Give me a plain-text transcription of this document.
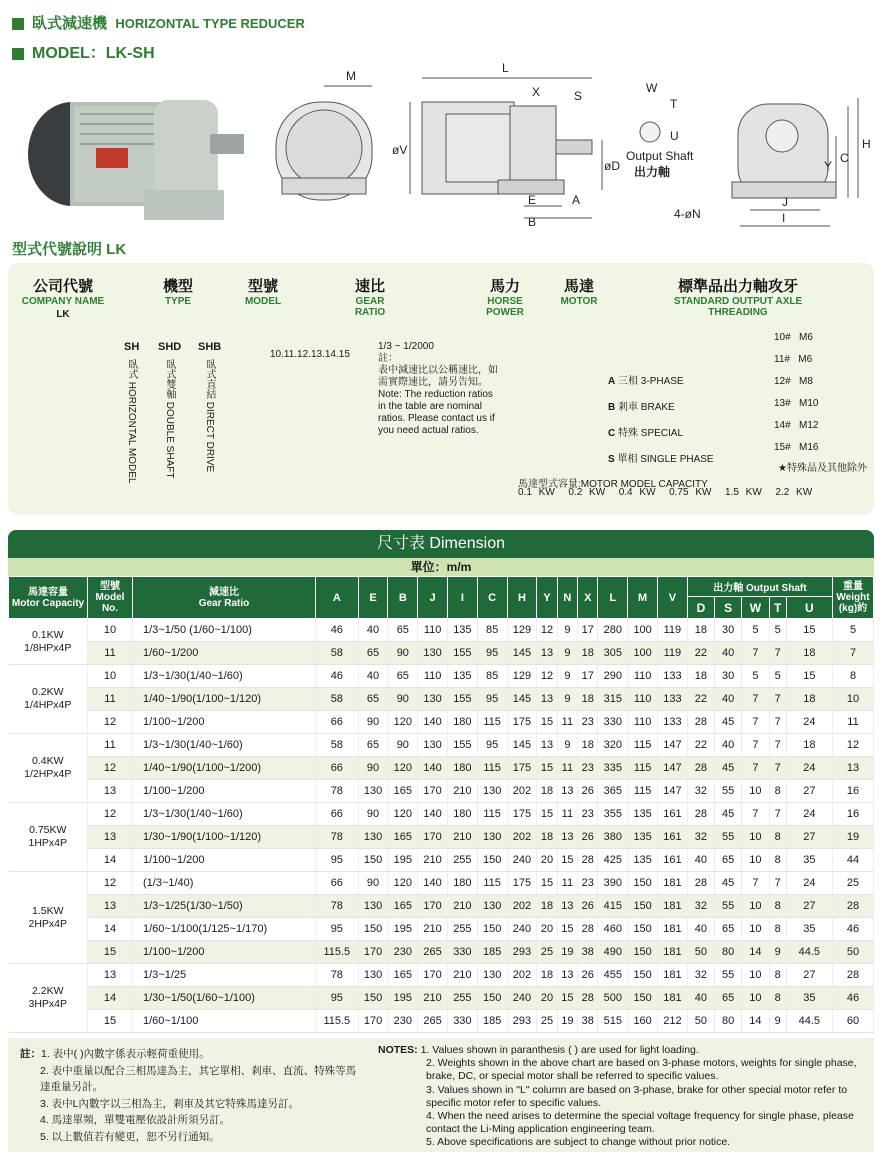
臥式減速機 HORIZONTAL TYPE REDUCER
MODEL：LK-SH
M
L
X	S
W
T
U
øV
øD
E	A
B
J
I
Y
C
H
4-øN
Output Shaft
出力軸
型式代號說明 LK
公司代號
COMPANY NAME
LK
機型
TYPE
SH SHD SHB
臥式 HORIZONTAL MODEL
臥式雙軸 DOUBLE SHAFT
臥式直結 DIRECT DRIVE
型號
MODEL
10.11.12.13.14.15
速比
GEAR RATIO
1/3 ~ 1/2000
註：
表中減速比以公稱速比，如需實際速比，請另告知。
Note: The reduction ratios in the table are nominal ratios. Please contact us if you need actual ratios.
馬力
HORSE POWER
馬達型式容量:MOTOR MODEL CAPACITY
0.1 KW 0.2 KW 0.4 KW 0.75 KW 1.5 KW 2.2 KW
馬達
MOTOR
A 三相 3-PHASE
B 剎車 BRAKE
C 特殊 SPECIAL
S 單相 SINGLE PHASE
標準品出力軸攻牙
STANDARD OUTPUT AXLE THREADING
10# M6
11# M6
12# M8
13# M10
14# M12
15# M16
★特殊品及其他除外
尺寸表 Dimension
單位：m/m
馬達容量
Motor Capacity	型號
Model No.	減速比
Gear Ratio	A	E	B	J	I	C	H	Y	N	X	L	M	V	出力軸 Output Shaft					重量 Weight (kg)約
																D	S	W	T	U	
0.1KW
1/8HPx4P	10	1/3~1/50 (1/60~1/100)	46	40	65	110	135	85	129	12	9	17	280	100	119	18	30	5	5	15	5
	11	1/60~1/200	58	65	90	130	155	95	145	13	9	18	305	100	119	22	40	7	7	18	7
0.2KW
1/4HPx4P	10	1/3~1/30(1/40~1/60)	46	40	65	110	135	85	129	12	9	17	290	110	133	18	30	5	5	15	8
	11	1/40~1/90(1/100~1/120)	58	65	90	130	155	95	145	13	9	18	315	110	133	22	40	7	7	18	10
	12	1/100~1/200	66	90	120	140	180	115	175	15	11	23	330	110	133	28	45	7	7	24	11
0.4KW
1/2HPx4P	11	1/3~1/30(1/40~1/60)	58	65	90	130	155	95	145	13	9	18	320	115	147	22	40	7	7	18	12
	12	1/40~1/90(1/100~1/200)	66	90	120	140	180	115	175	15	11	23	335	115	147	28	45	7	7	24	13
	13	1/100~1/200	78	130	165	170	210	130	202	18	13	26	365	115	147	32	55	10	8	27	16
0.75KW
1HPx4P	12	1/3~1/30(1/40~1/60)	66	90	120	140	180	115	175	15	11	23	355	135	161	28	45	7	7	24	16
	13	1/30~1/90(1/100~1/120)	78	130	165	170	210	130	202	18	13	26	380	135	161	32	55	10	8	27	19
	14	1/100~1/200	95	150	195	210	255	150	240	20	15	28	425	135	161	40	65	10	8	35	44
1.5KW
2HPx4P	12	(1/3~1/40)	66	90	120	140	180	115	175	15	11	23	390	150	181	28	45	7	7	24	25
	13	1/3~1/25(1/30~1/50)	78	130	165	170	210	130	202	18	13	26	415	150	181	32	55	10	8	27	28
	14	1/60~1/100(1/125~1/170)	95	150	195	210	255	150	240	20	15	28	460	150	181	40	65	10	8	35	46
	15	1/100~1/200	115.5	170	230	265	330	185	293	25	19	38	490	150	181	50	80	14	9	44.5	50
2.2KW
3HPx4P	13	1/3~1/25	78	130	165	170	210	130	202	18	13	26	455	150	181	32	55	10	8	27	28
	14	1/30~1/50(1/60~1/100)	95	150	195	210	255	150	240	20	15	28	500	150	181	40	65	10	8	35	46
	15	1/60~1/100	115.5	170	230	265	330	185	293	25	19	38	515	160	212	50	80	14	9	44.5	60
註：1. 表中( )內數字係表示輕荷重使用。
2. 表中重量以配合三相馬達為主，其它單相、剎車、直流、特殊等馬達重量另計。
3. 表中L內數字以三相為主，剎車及其它特殊馬達另訂。
4. 馬達單頻，單雙電壓依設計所須另訂。
5. 以上數值若有變更，恕不另行通知。
NOTES: 1. Values shown in paranthesis ( ) are used for light loading.
2. Weights shown in the above chart are based on 3-phase motors, weights for single phase, brake, DC, or special motor shall be referred to specific values.
3. Values shown in "L" column are based on 3-phase, brake for other special motor refer to specific motor refer to specific values.
4. When the need arises to determine the special voltage frequency for single phase, please contact the Li-Ming application engineering team.
5. Above specifications are subject to change without prior notice.
